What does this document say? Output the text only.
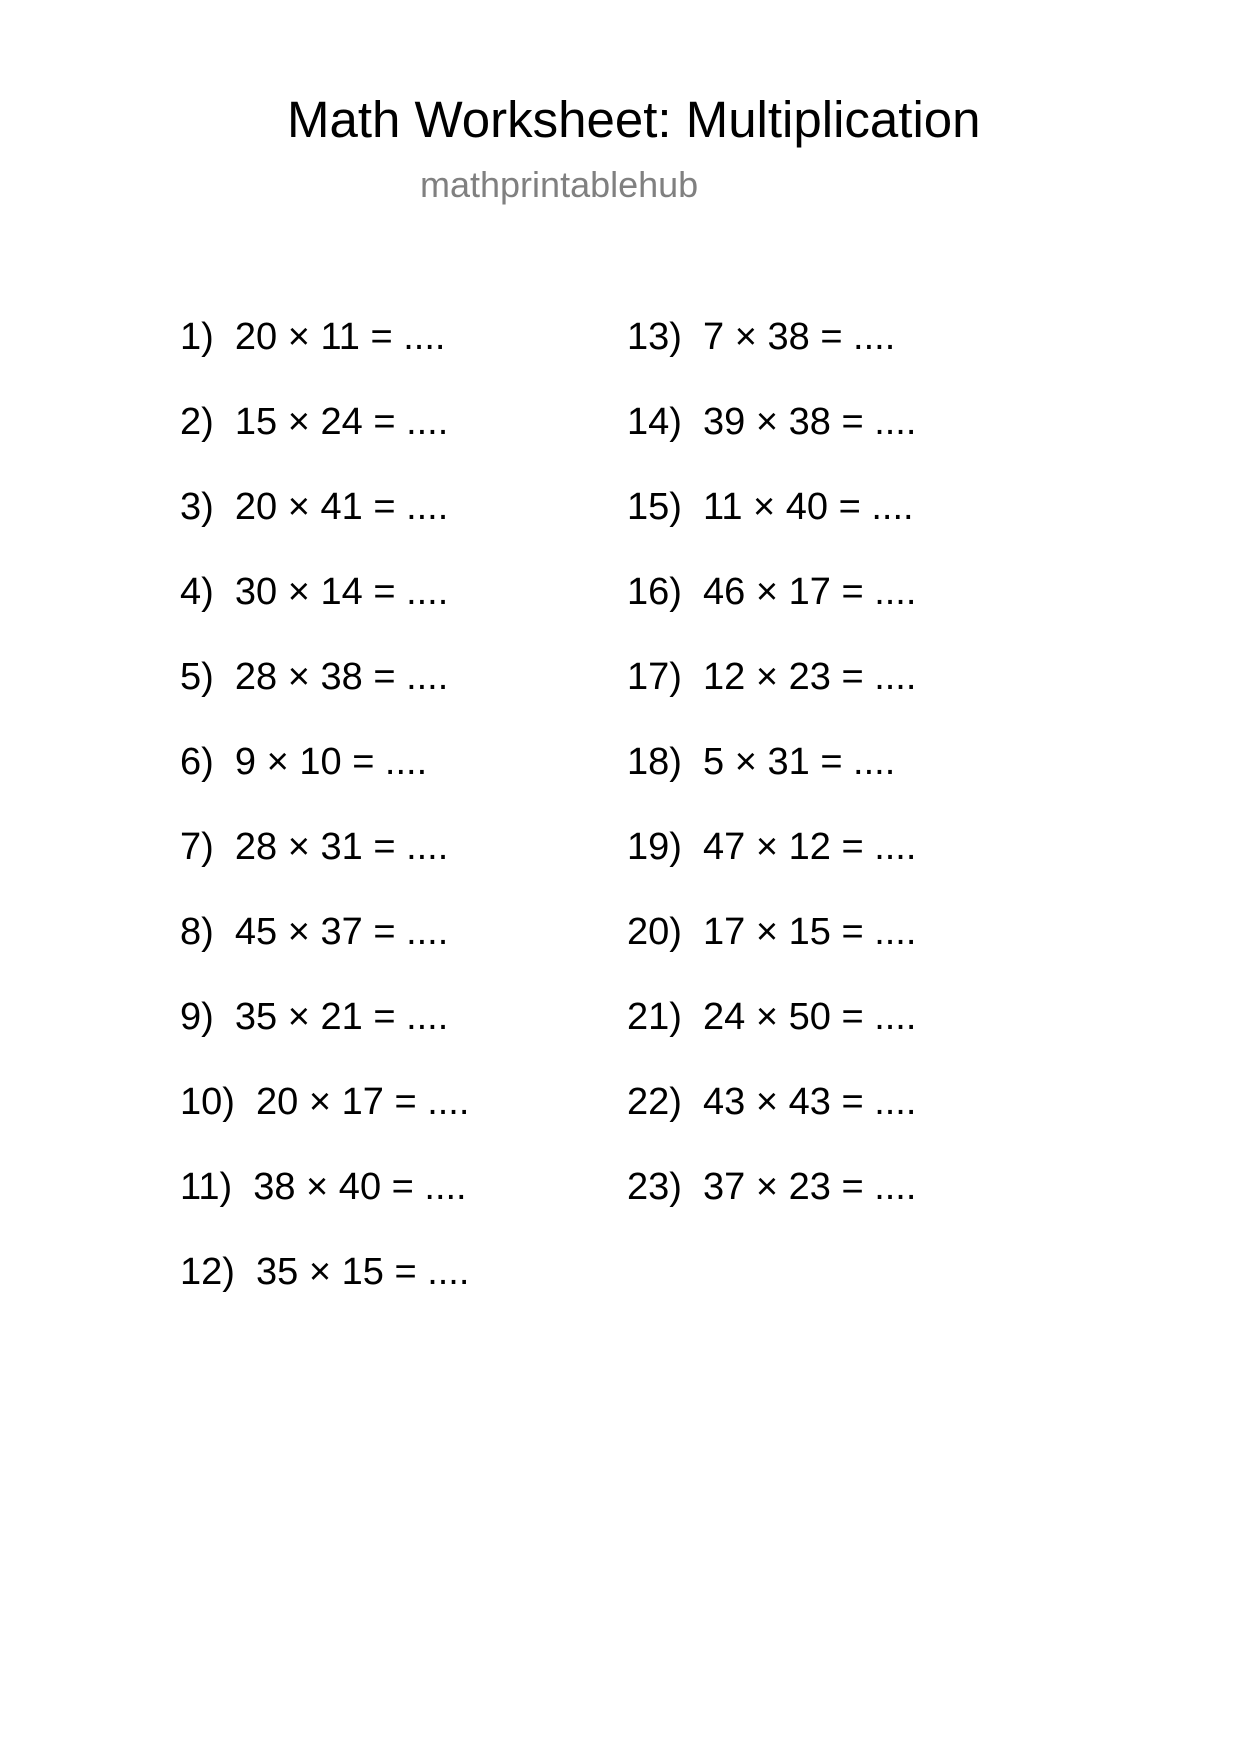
Math Worksheet: Multiplication
mathprintablehub
1) 20 × 11 = ....
2) 15 × 24 = ....
3) 20 × 41 = ....
4) 30 × 14 = ....
5) 28 × 38 = ....
6) 9 × 10 = ....
7) 28 × 31 = ....
8) 45 × 37 = ....
9) 35 × 21 = ....
10) 20 × 17 = ....
11) 38 × 40 = ....
12) 35 × 15 = ....
13) 7 × 38 = ....
14) 39 × 38 = ....
15) 11 × 40 = ....
16) 46 × 17 = ....
17) 12 × 23 = ....
18) 5 × 31 = ....
19) 47 × 12 = ....
20) 17 × 15 = ....
21) 24 × 50 = ....
22) 43 × 43 = ....
23) 37 × 23 = ....
